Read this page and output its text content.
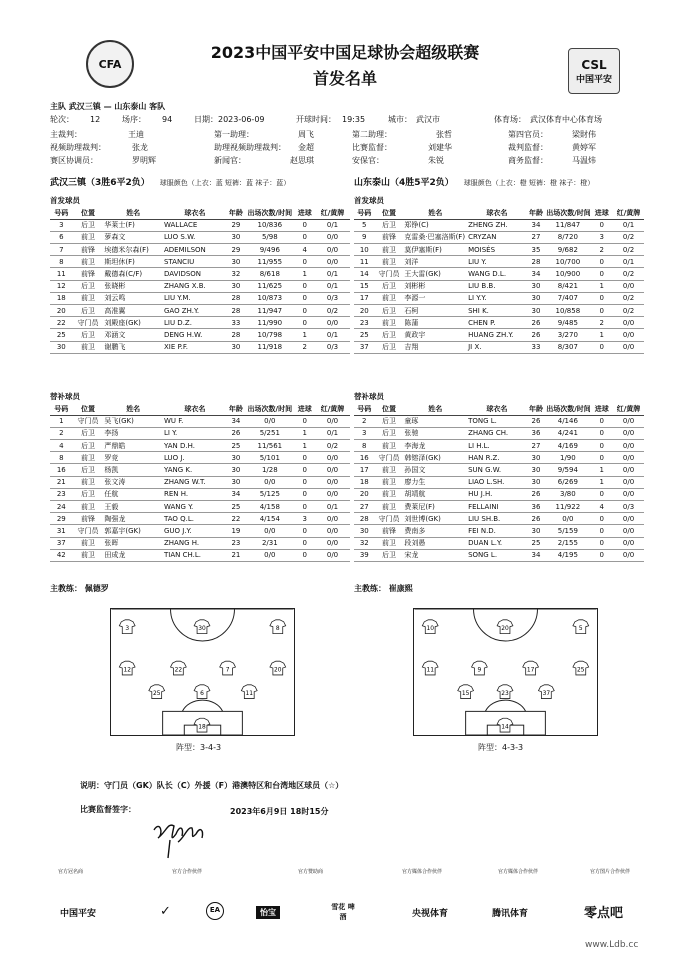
CFA	CSL
中国平安
2023中国平安中国足球协会超级联赛
首发名单
主队 武汉三镇 — 山东泰山 客队
轮次： 12	场序： 94	日期：2023-06-09	开球时间： 19:35	城市： 武汉市	体育场： 武汉体育中心体育场
主裁判：	王迪	第一助理：	周飞	第二助理：	张哲	第四官员：	梁財伟
视频助理裁判：	张龙	助理视频助理裁判： 金超	比赛监督：	刘建华	裁判监督：	黄婷军
赛区协调员：	罗明辉	新闻官：	赵思琪	安保官：	朱锐	商务监督：	马温炜
武汉三镇（3胜6平2负） 球服颜色（上衣：蓝 短裤：蓝 袜子：蓝）	山东泰山（4胜5平2负） 球服颜色（上衣：橙 短裤：橙 袜子：橙）
首发球员	首发球员
号码	位置	姓名	球衣名	年龄	出场次数/时间	进球	红/黄牌
3	后卫	华莱士(F)	WALLACE	29	10/836	0	0/1
6	前卫	萝森文	LUO S.W.	30	5/98	0	0/0
7	前锋	埃德米尔森(F)	ADEMILSON	29	9/496	4	0/0
8	前卫	斯坦休(F)	STANCIU	30	11/955	0	0/0
11	前锋	戴德森(C/F)	DAVIDSON	32	8/618	1	0/1
12	后卫	张晓彬	ZHANG X.B.	30	11/625	0	0/1
18	前卫	刘云鸣	LIU Y.M.	28	10/873	0	0/3
20	后卫	高准翼	GAO ZH.Y.	28	11/947	0	0/2
22	守门员	刘殿座(GK)	LIU D.Z.	33	11/990	0	0/0
25	后卫	邓涵文	DENG H.W.	28	10/798	1	0/1
30	前卫	谢鹏飞	XIE P.F.	30	11/918	2	0/3
号码	位置	姓名	球衣名	年龄	出场次数/时间	进球	红/黄牌
5	后卫	郑铮(C)	ZHENG ZH.	34	11/847	0	0/1
9	前锋	克雷桑·巴塞洛斯(F)	CRYZAN	27	8/720	3	0/2
10	前卫	莫伊塞斯(F)	MOISÉS	35	9/682	2	0/2
11	前卫	刘洋	LIU Y.	28	10/700	0	0/1
14	守门员	王大雷(GK)	WANG D.L.	34	10/900	0	0/2
15	后卫	刘彬彬	LIU B.B.	30	8/421	1	0/0
17	前卫	李源一	LI Y.Y.	30	7/407	0	0/2
20	后卫	石柯	SHI K.	30	10/858	0	0/2
23	前卫	陈蒲	CHEN P.	26	9/485	2	0/0
25	后卫	黄政宇	HUANG ZH.Y.	26	3/270	1	0/0
37	后卫	吉翔	JI X.	33	8/307	0	0/0
替补球员	替补球员
号码	位置	姓名	球衣名	年龄	出场次数/时间	进球	红/黄牌
1	守门员	吴飞(GK)	WU F.	34	0/0	0	0/0
2	后卫	李扬	LI Y.	26	5/251	1	0/1
4	后卫	严鼎皓	YAN D.H.	25	11/561	1	0/2
8	前卫	罗竞	LUO J.	30	5/101	0	0/0
16	后卫	杨凯	YANG K.	30	1/28	0	0/0
21	前卫	张文涛	ZHANG W.T.	30	0/0	0	0/0
23	后卫	任航	REN H.	34	5/125	0	0/0
24	前卫	王毅	WANG Y.	25	4/158	0	0/1
29	前锋	陶强龙	TAO Q.L.	22	4/154	3	0/0
31	守门员	郭嘉宇(GK)	GUO J.Y.	19	0/0	0	0/0
37	前卫	张晖	ZHANG H.	23	2/31	0	0/0
42	前卫	田成龙	TIAN CH.L.	21	0/0	0	0/0
号码	位置	姓名	球衣名	年龄	出场次数/时间	进球	红/黄牌
2	后卫	童琢	TONG L.	26	4/146	0	0/0
3	后卫	张驰	ZHANG CH.	36	4/241	0	0/0
8	前卫	李海龙	LI H.L.	27	4/169	0	0/0
16	守门员	韩镕泽(GK)	HAN R.Z.	30	1/90	0	0/0
17	前卫	孙国文	SUN G.W.	30	9/594	1	0/0
18	前卫	廖力生	LIAO L.SH.	30	6/269	1	0/0
20	前卫	胡靖航	HU J.H.	26	3/80	0	0/0
27	前卫	费莱尼(F)	FELLAINI	36	11/922	4	0/3
28	守门员	刘世博(GK)	LIU SH.B.	26	0/0	0	0/0
30	前锋	费南多	FEI N.D.	30	5/159	0	0/0
32	前卫	段刘愚	DUAN L.Y.	25	2/155	0	0/0
39	后卫	宋龙	SONG L.	34	4/195	0	0/0
主教练： 佩德罗	主教练： 崔康熙
3	30	8
12	22	7	20
25	6	11
18
10	20	5
11	9	17	25
15	23	37
14
阵型：3-4-3	阵型：4-3-3
说明：守门员（GK）队长（C）外援（F）港澳特区和台湾地区球员（☆）
比赛监督签字：	2023年6月9日 18时15分
官方冠名商	官方合作伙伴	官方赞助商	官方媒体合作伙伴	官方媒体合作伙伴	官方图片合作伙伴
中国平安	✓	EA	怡宝
雪花 啤酒	央视体育	腾讯体育	零点吧
www.Ldb.cc
